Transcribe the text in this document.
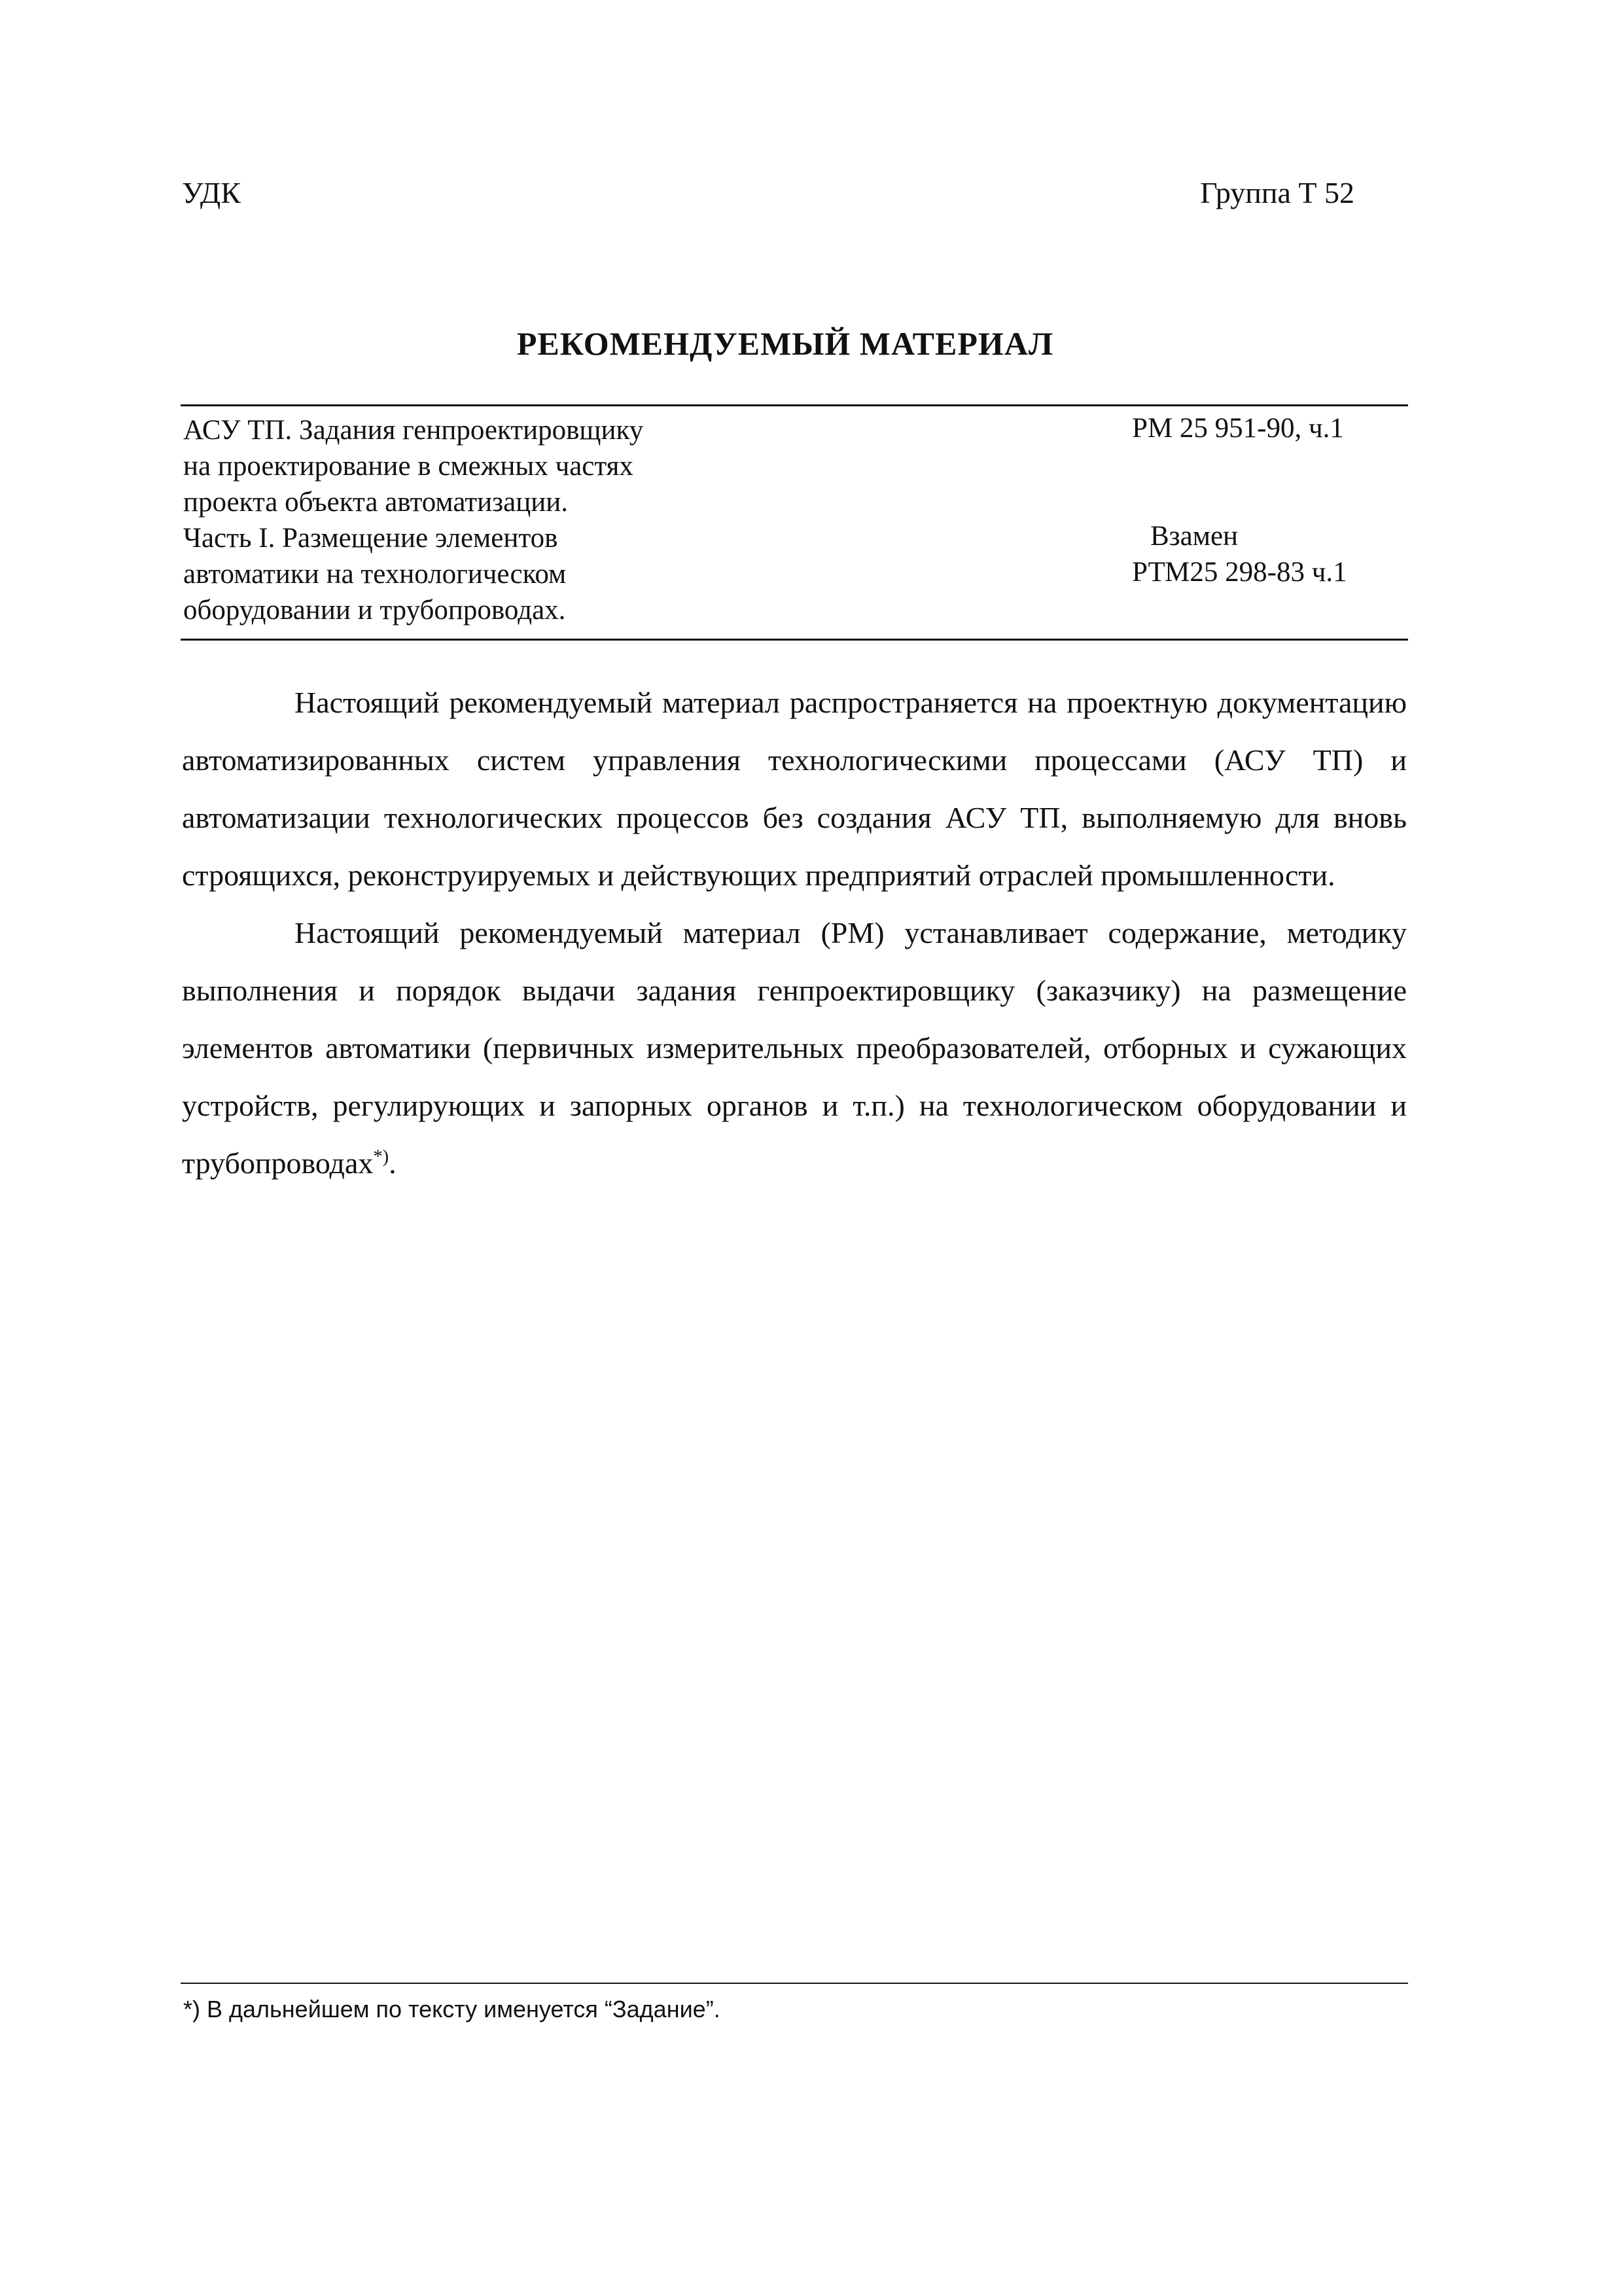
УДК	Группа Т 52
РЕКОМЕНДУЕМЫЙ МАТЕРИАЛ
АСУ ТП. Задания генпроектировщику
на проектирование в смежных частях
проекта объекта автоматизации.
Часть I. Размещение элементов
автоматики на технологическом
оборудовании и трубопроводах.
РМ 25 951-90, ч.1
Взамен
РТМ25 298-83 ч.1

Настоящий рекомендуемый материал распространяется на проектную документацию автоматизированных систем управления технологическими процессами (АСУ ТП) и автоматизации технологических процессов без создания АСУ ТП, выполняемую для вновь строящихся, реконструируемых и действующих предприятий отраслей промышленности.

Настоящий рекомендуемый материал (РМ) устанавливает содержание, методику выполнения и порядок выдачи задания генпроектировщику (заказчику) на размещение элементов автоматики (первичных измерительных преобразователей, отборных и сужающих устройств, регулирующих и запорных органов и т.п.) на технологическом оборудовании и трубопроводах*).

*) В дальнейшем по тексту именуется “Задание”.
